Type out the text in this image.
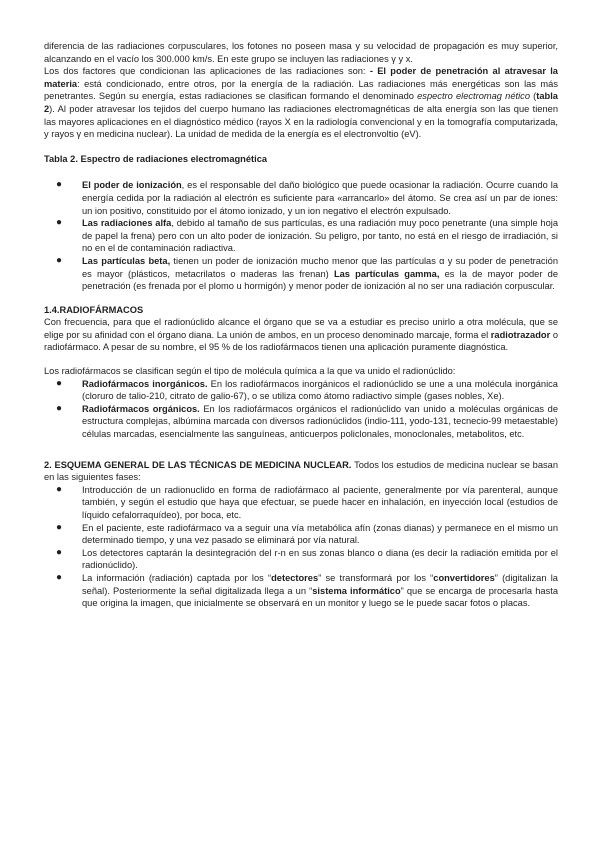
diferencia de las radiaciones corpusculares, los fotones no poseen masa y su velocidad de propagación es muy superior, alcanzando en el vacío los 300.000 km/s. En este grupo se incluyen las radiaciones γ y x.

Los dos factores que condicionan las aplicaciones de las radiaciones son: - El poder de penetración al atravesar la materia: está condicionado, entre otros, por la energía de la radiación. Las radiaciones más energéticas son las más penetrantes. Según su energía, estas radiaciones se clasifican formando el denominado espectro electromag nético (tabla 2). Al poder atravesar los tejidos del cuerpo humano las radiaciones electromagnéticas de alta energía son las que tienen las mayores aplicaciones en el diagnóstico médico (rayos X en la radiología convencional y en la tomografía computarizada, y rayos γ en medicina nuclear). La unidad de medida de la energía es el electronvoltio (eV).

Tabla 2. Espectro de radiaciones electromagnética

● El poder de ionización, es el responsable del daño biológico que puede ocasionar la radiación. Ocurre cuando la energía cedida por la radiación al electrón es suficiente para «arrancarlo» del átomo. Se crea así un par de iones: un ion positivo, constituido por el átomo ionizado, y un ion negativo el electrón expulsado.
● Las radiaciones alfa, debido al tamaño de sus partículas, es una radiación muy poco penetrante (una simple hoja de papel la frena) pero con un alto poder de ionización. Su peligro, por tanto, no está en el riesgo de irradiación, si no en el de contaminación radiactiva.
● Las partículas beta, tienen un poder de ionización mucho menor que las partículas α y su poder de penetración es mayor (plásticos, metacrilatos o maderas las frenan) Las partículas gamma, es la de mayor poder de penetración (es frenada por el plomo u hormigón) y menor poder de ionización al no ser una radiación corpuscular.

1.4.RADIOFÁRMACOS

Con frecuencia, para que el radionúclido alcance el órgano que se va a estudiar es preciso unirlo a otra molécula, que se elige por su afinidad con el órgano diana. La unión de ambos, en un proceso denominado marcaje, forma el radiotrazador o radiofármaco. A pesar de su nombre, el 95 % de los radiofármacos tienen una aplicación puramente diagnóstica.

Los radiofármacos se clasifican según el tipo de molécula química a la que va unido el radionúclido:

● Radiofármacos inorgánicos. En los radiofármacos inorgánicos el radionúclido se une a una molécula inorgánica (cloruro de talio-210, citrato de galio-67), o se utiliza como átomo radiactivo simple (gases nobles, Xe).
● Radiofármacos orgánicos. En los radiofármacos orgánicos el radionúclido van unido a moléculas orgánicas de estructura complejas, albúmina marcada con diversos radionúclidos (indio-111, yodo-131, tecnecio-99 metaestable) células marcadas, esencialmente las sanguíneas, anticuerpos policlonales, monoclonales, metabolitos, etc.

2. ESQUEMA GENERAL DE LAS TÉCNICAS DE MEDICINA NUCLEAR. Todos los estudios de medicina nuclear se basan en las siguientes fases:

● Introducción de un radionuclido en forma de radiofármaco al paciente, generalmente por vía parenteral, aunque también, y según el estudio que haya que efectuar, se puede hacer en inhalación, en inyección local (estudios de líquido cefalorraquídeo), por boca, etc.
● En el paciente, este radiofármaco va a seguir una vía metabólica afín (zonas dianas) y permanece en el mismo un determinado tiempo, y una vez pasado se eliminará por vía natural.
● Los detectores captarán la desintegración del r-n en sus zonas blanco o diana (es decir la radiación emitida por el radionúclido).
● La información (radiación) captada por los “detectores” se transformará por los “convertidores” (digitalizan la señal). Posteriormente la señal digitalizada llega a un “sistema informático” que se encarga de procesarla hasta que origina la imagen, que inicialmente se observará en un monitor y luego se le puede sacar fotos o placas.
